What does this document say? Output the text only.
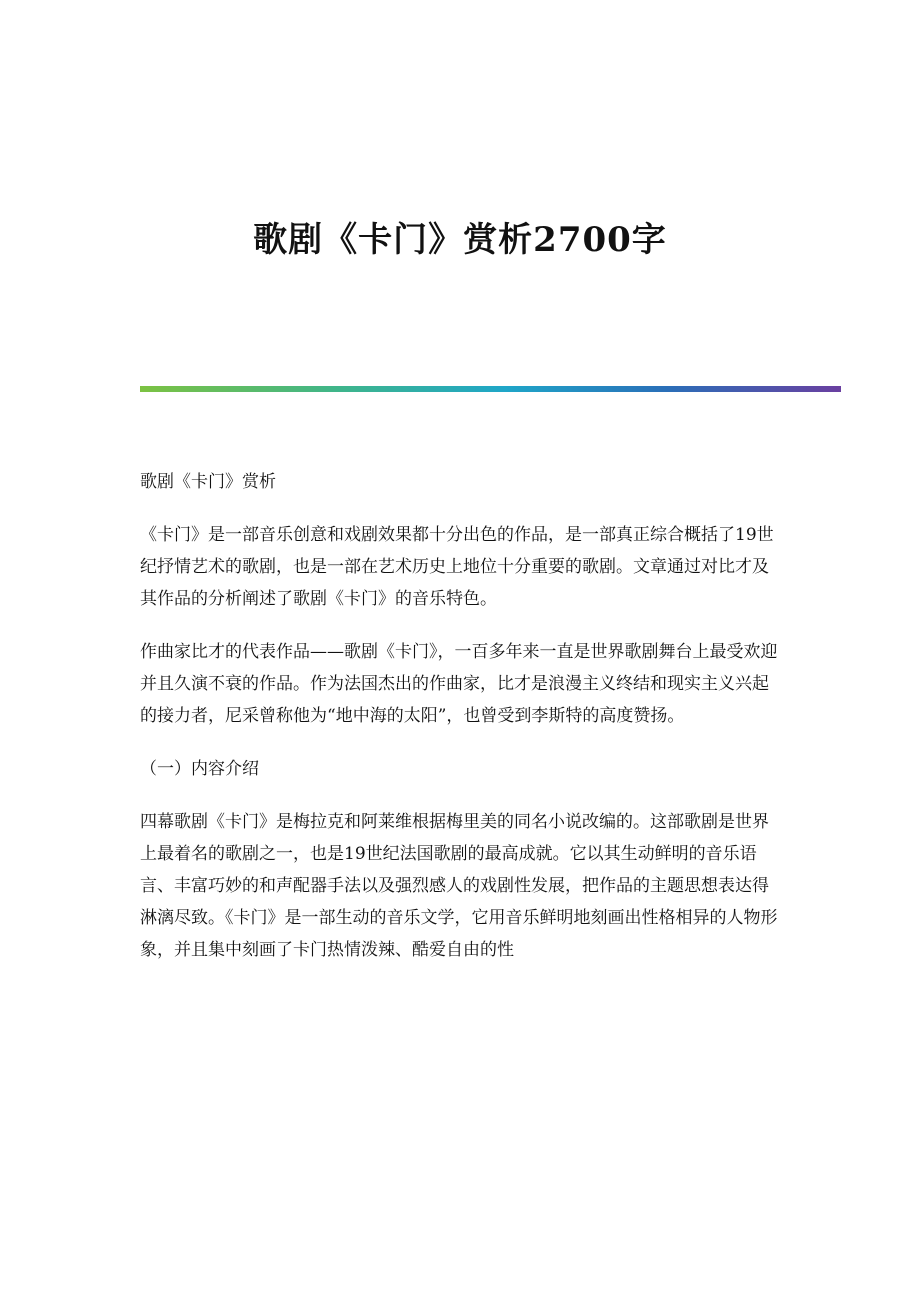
歌剧《卡门》赏析2700字

歌剧《卡门》赏析

《卡门》是一部音乐创意和戏剧效果都十分出色的作品，是一部真正综合概括了19世纪抒情艺术的歌剧，也是一部在艺术历史上地位十分重要的歌剧。文章通过对比才及其作品的分析阐述了歌剧《卡门》的音乐特色。

作曲家比才的代表作品——歌剧《卡门》，一百多年来一直是世界歌剧舞台上最受欢迎并且久演不衰的作品。作为法国杰出的作曲家，比才是浪漫主义终结和现实主义兴起的接力者，尼采曾称他为“地中海的太阳”，也曾受到李斯特的高度赞扬。

（一）内容介绍

四幕歌剧《卡门》是梅拉克和阿莱维根据梅里美的同名小说改编的。这部歌剧是世界上最着名的歌剧之一，也是19世纪法国歌剧的最高成就。它以其生动鲜明的音乐语言、丰富巧妙的和声配器手法以及强烈感人的戏剧性发展，把作品的主题思想表达得淋漓尽致。《卡门》是一部生动的音乐文学，它用音乐鲜明地刻画出性格相异的人物形象，并且集中刻画了卡门热情泼辣、酷爱自由的性
